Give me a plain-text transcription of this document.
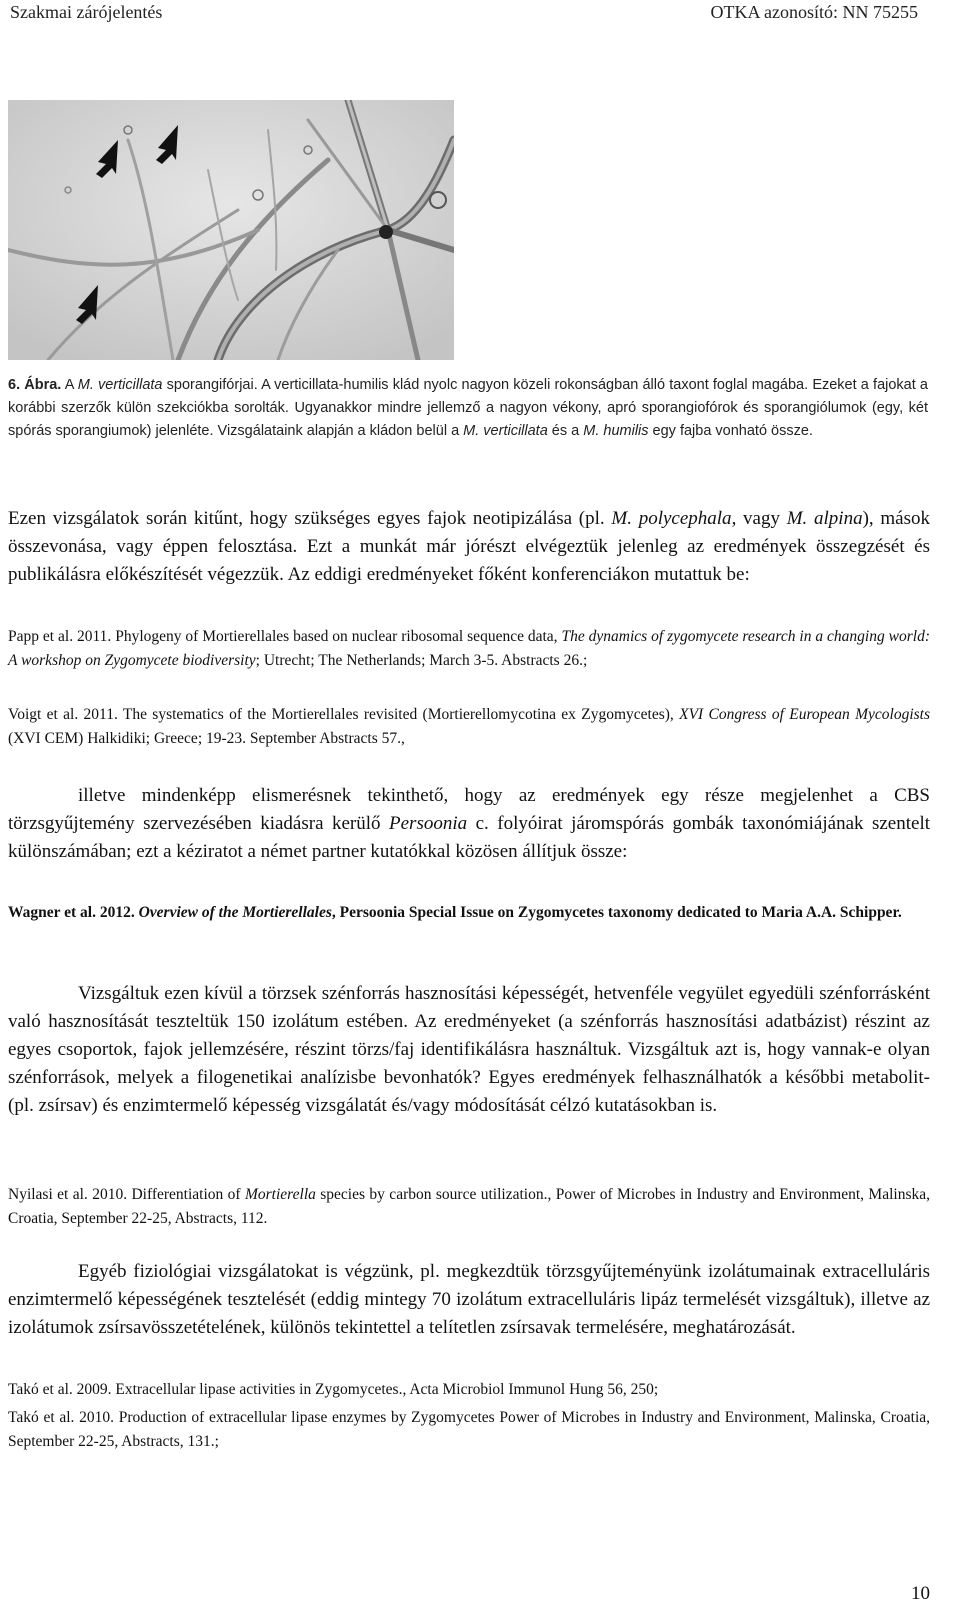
Szakmai zárójelentés	OTKA azonosító: NN 75255
6. Ábra. A M. verticillata sporangifórjai. A verticillata-humilis klád nyolc nagyon közeli rokonságban álló taxont foglal magába. Ezeket a fajokat a korábbi szerzők külön szekciókba sorolták. Ugyanakkor mindre jellemző a nagyon vékony, apró sporangiofórok és sporangiólumok (egy, két spórás sporangiumok) jelenléte. Vizsgálataink alapján a kládon belül a M. verticillata és a M. humilis egy fajba vonható össze.
Ezen vizsgálatok során kitűnt, hogy szükséges egyes fajok neotipizálása (pl. M. polycephala, vagy M. alpina), mások összevonása, vagy éppen felosztása. Ezt a munkát már jórészt elvégeztük jelenleg az eredmények összegzését és publikálásra előkészítését végezzük. Az eddigi eredményeket főként konferenciákon mutattuk be:
Papp et al. 2011. Phylogeny of Mortierellales based on nuclear ribosomal sequence data, The dynamics of zygomycete research in a changing world: A workshop on Zygomycete biodiversity; Utrecht; The Netherlands; March 3-5. Abstracts 26.;
Voigt et al. 2011. The systematics of the Mortierellales revisited (Mortierellomycotina ex Zygomycetes), XVI Congress of European Mycologists (XVI CEM) Halkidiki; Greece; 19-23. September Abstracts 57.,
illetve mindenképp elismerésnek tekinthető, hogy az eredmények egy része megjelenhet a CBS törzsgyűjtemény szervezésében kiadásra kerülő Persoonia c. folyóirat járomspórás gombák taxonómiájának szentelt különszámában; ezt a kéziratot a német partner kutatókkal közösen állítjuk össze:
Wagner et al. 2012. Overview of the Mortierellales, Persoonia Special Issue on Zygomycetes taxonomy dedicated to Maria A.A. Schipper.
Vizsgáltuk ezen kívül a törzsek szénforrás hasznosítási képességét, hetvenféle vegyület egyedüli szénforrásként való hasznosítását teszteltük 150 izolátum estében. Az eredményeket (a szénforrás hasznosítási adatbázist) részint az egyes csoportok, fajok jellemzésére, részint törzs/faj identifikálásra használtuk. Vizsgáltuk azt is, hogy vannak-e olyan szénforrások, melyek a filogenetikai analízisbe bevonhatók? Egyes eredmények felhasználhatók a későbbi metabolit- (pl. zsírsav) és enzimtermelő képesség vizsgálatát és/vagy módosítását célzó kutatásokban is.
Nyilasi et al. 2010. Differentiation of Mortierella species by carbon source utilization., Power of Microbes in Industry and Environment, Malinska, Croatia, September 22-25, Abstracts, 112.
Egyéb fiziológiai vizsgálatokat is végzünk, pl. megkezdtük törzsgyűjteményünk izolátumainak extracelluláris enzimtermelő képességének tesztelését (eddig mintegy 70 izolátum extracelluláris lipáz termelését vizsgáltuk), illetve az izolátumok zsírsavösszetételének, különös tekintettel a telítetlen zsírsavak termelésére, meghatározását.
Takó et al. 2009. Extracellular lipase activities in Zygomycetes., Acta Microbiol Immunol Hung 56, 250;
Takó et al. 2010. Production of extracellular lipase enzymes by Zygomycetes Power of Microbes in Industry and Environment, Malinska, Croatia, September 22-25, Abstracts, 131.;
10
